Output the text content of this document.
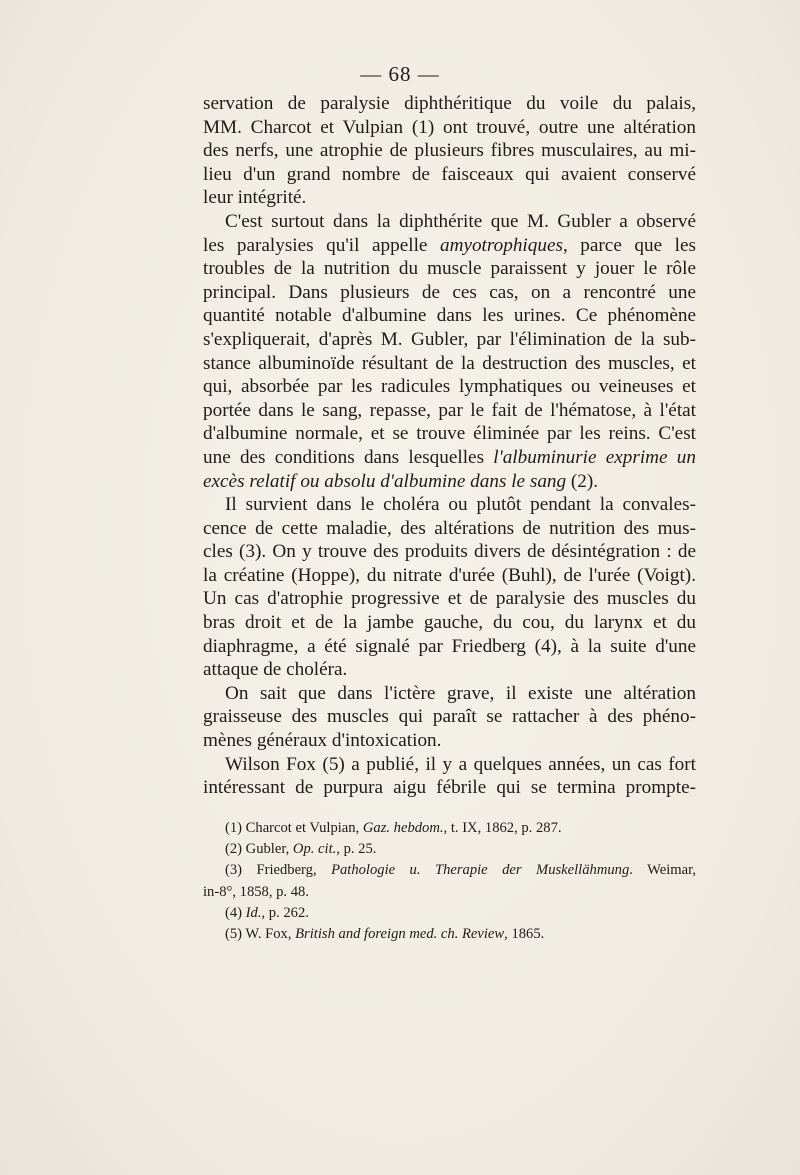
— 68 —
servation de paralysie diphthéritique du voile du palais,
MM. Charcot et Vulpian (1) ont trouvé, outre une altération
des nerfs, une atrophie de plusieurs fibres musculaires, au mi-
lieu d'un grand nombre de faisceaux qui avaient conservé
leur intégrité.
C'est surtout dans la diphthérite que M. Gubler a observé
les paralysies qu'il appelle amyotrophiques, parce que les
troubles de la nutrition du muscle paraissent y jouer le rôle
principal. Dans plusieurs de ces cas, on a rencontré une
quantité notable d'albumine dans les urines. Ce phénomène
s'expliquerait, d'après M. Gubler, par l'élimination de la sub-
stance albuminoïde résultant de la destruction des muscles, et
qui, absorbée par les radicules lymphatiques ou veineuses et
portée dans le sang, repasse, par le fait de l'hématose, à l'état
d'albumine normale, et se trouve éliminée par les reins. C'est
une des conditions dans lesquelles l'albuminurie exprime un
excès relatif ou absolu d'albumine dans le sang (2).
Il survient dans le choléra ou plutôt pendant la convales-
cence de cette maladie, des altérations de nutrition des mus-
cles (3). On y trouve des produits divers de désintégration : de
la créatine (Hoppe), du nitrate d'urée (Buhl), de l'urée (Voigt).
Un cas d'atrophie progressive et de paralysie des muscles du
bras droit et de la jambe gauche, du cou, du larynx et du
diaphragme, a été signalé par Friedberg (4), à la suite d'une
attaque de choléra.
On sait que dans l'ictère grave, il existe une altération
graisseuse des muscles qui paraît se rattacher à des phéno-
mènes généraux d'intoxication.
Wilson Fox (5) a publié, il y a quelques années, un cas fort
intéressant de purpura aigu fébrile qui se termina prompte-
(1) Charcot et Vulpian, Gaz. hebdom., t. IX, 1862, p. 287.
(2) Gubler, Op. cit., p. 25.
(3) Friedberg, Pathologie u. Therapie der Muskellähmung. Weimar,
in-8°, 1858, p. 48.
(4) Id., p. 262.
(5) W. Fox, British and foreign med. ch. Review, 1865.
